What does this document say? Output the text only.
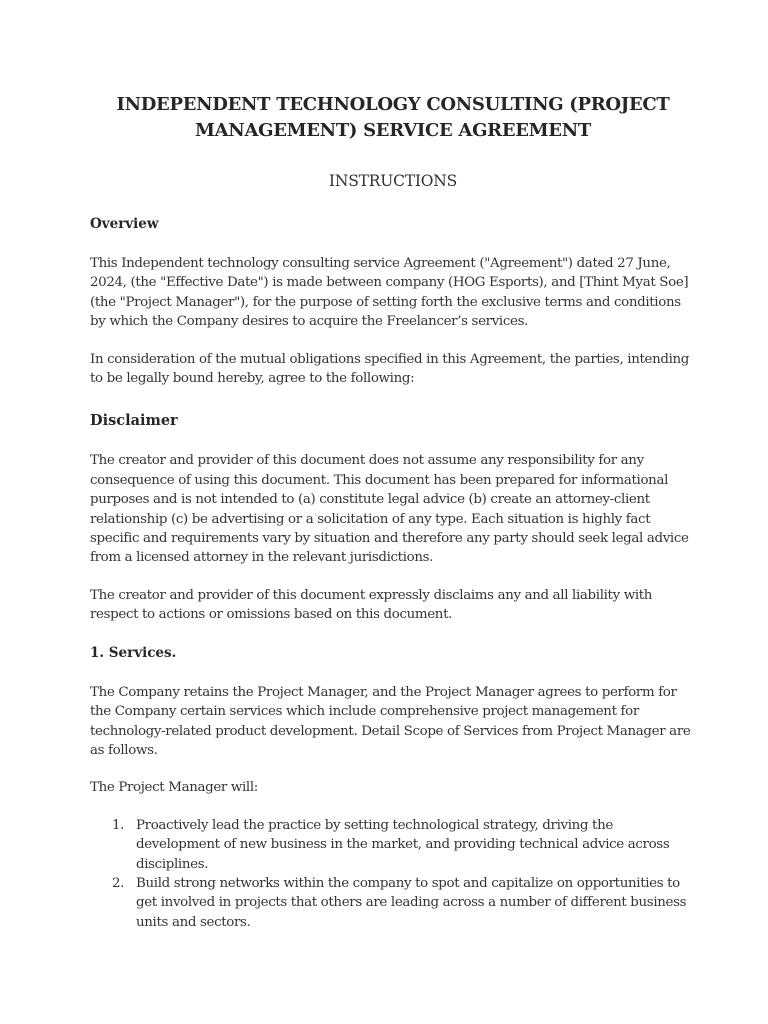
INDEPENDENT TECHNOLOGY CONSULTING (PROJECT MANAGEMENT) SERVICE AGREEMENT
INSTRUCTIONS
Overview

This Independent technology consulting service Agreement ("Agreement") dated 27 June, 2024, (the "Effective Date") is made between company (HOG Esports), and [Thint Myat Soe] (the "Project Manager"), for the purpose of setting forth the exclusive terms and conditions by which the Company desires to acquire the Freelancer’s services.

In consideration of the mutual obligations specified in this Agreement, the parties, intending to be legally bound hereby, agree to the following:

Disclaimer

The creator and provider of this document does not assume any responsibility for any consequence of using this document. This document has been prepared for informational purposes and is not intended to (a) constitute legal advice (b) create an attorney-client relationship (c) be advertising or a solicitation of any type. Each situation is highly fact specific and requirements vary by situation and therefore any party should seek legal advice from a licensed attorney in the relevant jurisdictions.

The creator and provider of this document expressly disclaims any and all liability with respect to actions or omissions based on this document.

1. Services.

The Company retains the Project Manager, and the Project Manager agrees to perform for the Company certain services which include comprehensive project management for technology-related product development. Detail Scope of Services from Project Manager are as follows.

The Project Manager will:

1. Proactively lead the practice by setting technological strategy, driving the development of new business in the market, and providing technical advice across disciplines.
2. Build strong networks within the company to spot and capitalize on opportunities to get involved in projects that others are leading across a number of different business units and sectors.
